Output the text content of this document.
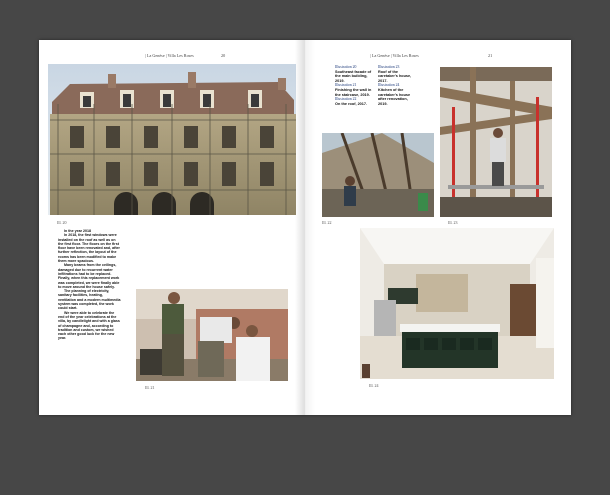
| La Genèse | Villa Les Roses	20
Ill. 20
In the year 2018

In 2018, the first windows were installed on the roof as well as on the first floor. The floors on the first floor have been renovated and, after further reflection, the layout of the rooms has been modified to make them more spacious.

Many beams from the ceilings, damaged due to recurrent water infiltrations had to be replaced. Finally, when this replacement work was completed, we were finally able to move around the house safely.

The planning of electricity, sanitary facilities, heating, ventilation and a modern multimedia system was completed, the work could start.

We were able to celebrate the end of the year celebrations at the villa, by candlelight and with a glass of champagne and, according to tradition and custom, we wished each other good luck for the new year.

Ill. 21
| La Genèse | Villa Les Roses	21
Illustration 20
Southeast facade of the main building, 2019.
Illustration 21
Finishing the wall in the staircase, 2019.
Illustration 22
On the roof, 2017.
Illustration 23
Roof of the caretaker's house, 2017.
Illustration 24
Kitchen of the caretaker's house after renovation, 2019.
Ill. 22	Ill. 23
Ill. 24
